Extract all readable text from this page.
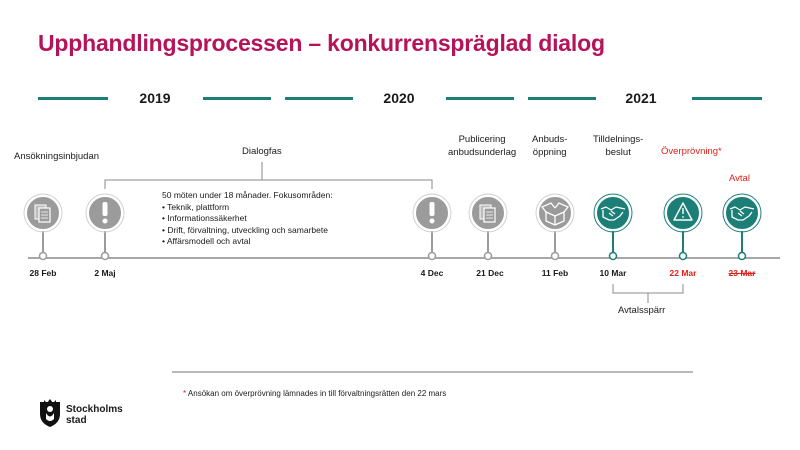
Upphandlingsprocessen – konkurrenspräglad dialog
2019	2020	2021
Ansökningsinbjudan	Dialogfas
Publicering
anbudsunderlag
Anbuds-
öppning
Tilldelnings-
beslut	Överprövning*
Avtal
Avtalsspärr
50 möten under 18 månader. Fokusområden:
• Teknik, plattform
• Informationssäkerhet
• Drift, förvaltning, utveckling och samarbete
• Affärsmodell och avtal
28 Feb	2 Maj	4 Dec	21 Dec	11 Feb	10 Mar	22 Mar	23 Mar
* Ansökan om överprövning lämnades in till förvaltningsrätten den 22 mars
Stockholms
stad
